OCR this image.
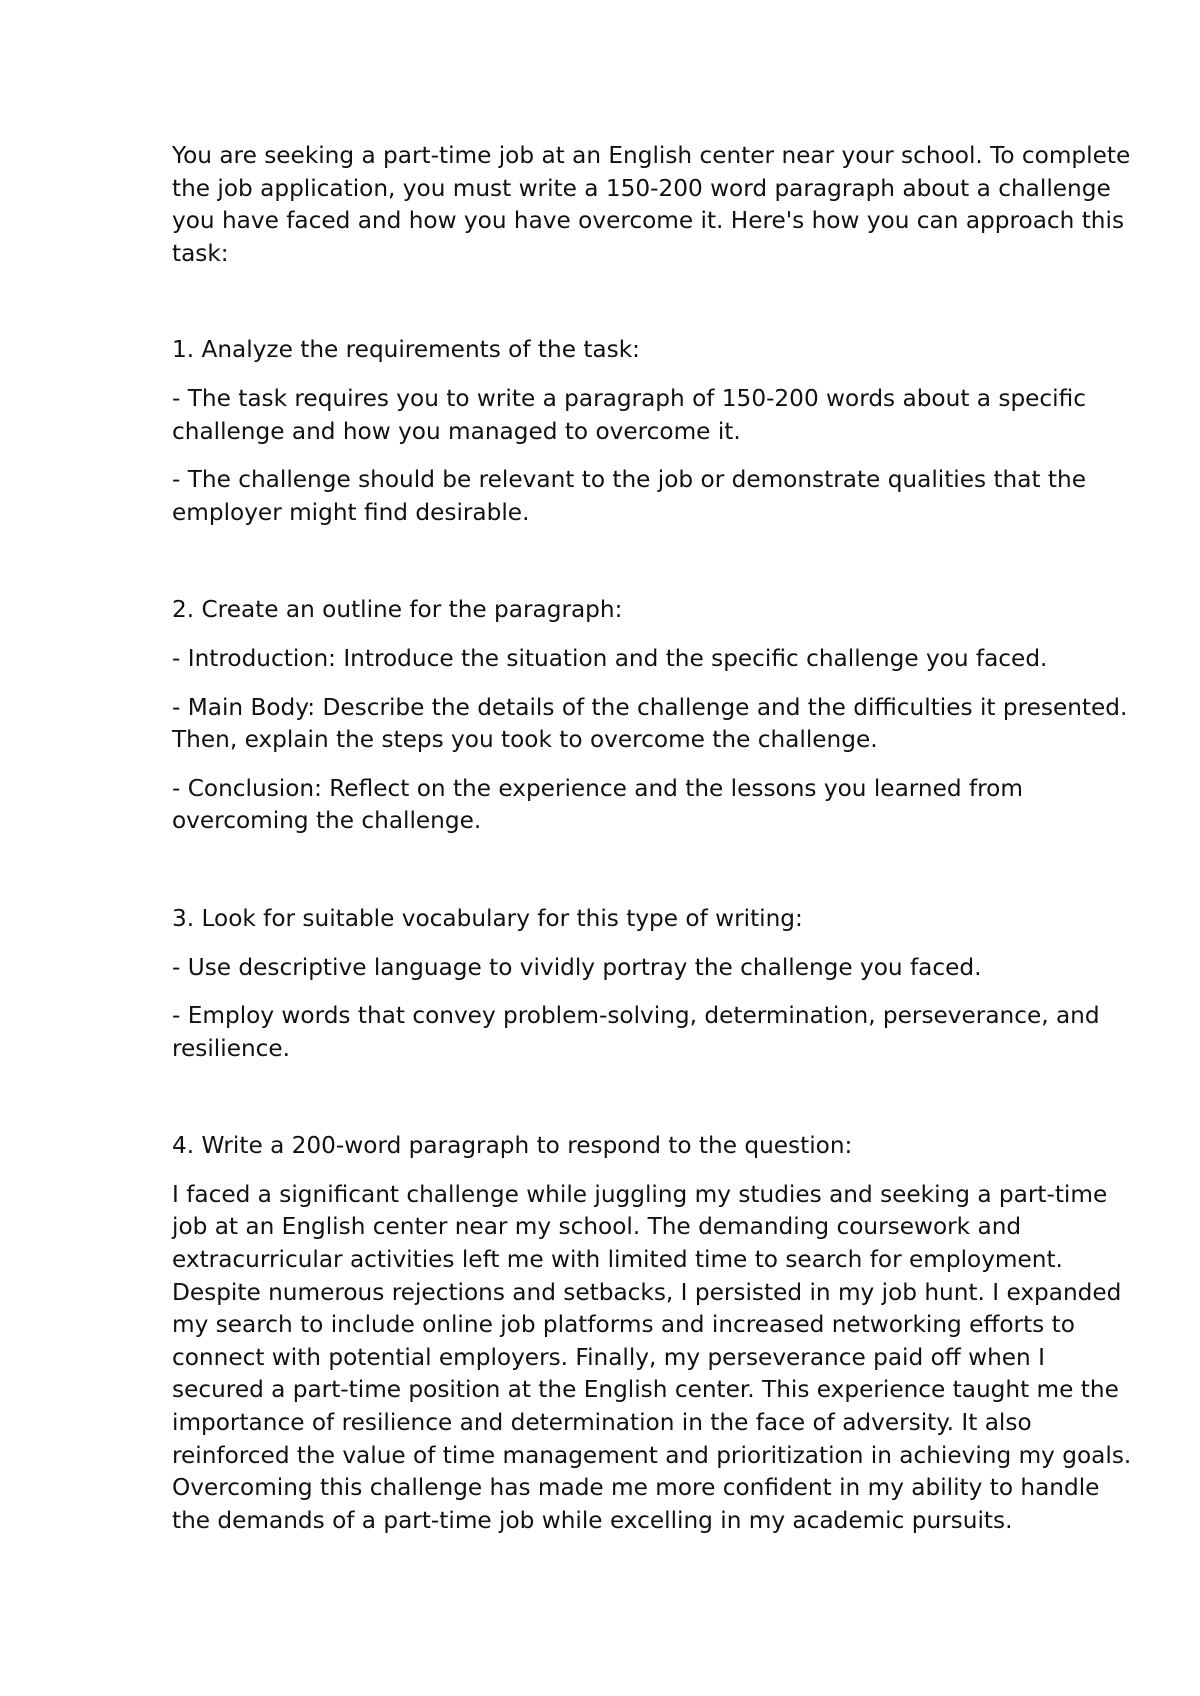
You are seeking a part-time job at an English center near your school. To complete the job application, you must write a 150-200 word paragraph about a challenge you have faced and how you have overcome it. Here's how you can approach this task:

1. Analyze the requirements of the task:

- The task requires you to write a paragraph of 150-200 words about a specific challenge and how you managed to overcome it.

- The challenge should be relevant to the job or demonstrate qualities that the employer might find desirable.

2. Create an outline for the paragraph:

- Introduction: Introduce the situation and the specific challenge you faced.

- Main Body: Describe the details of the challenge and the difficulties it presented. Then, explain the steps you took to overcome the challenge.

- Conclusion: Reflect on the experience and the lessons you learned from overcoming the challenge.

3. Look for suitable vocabulary for this type of writing:

- Use descriptive language to vividly portray the challenge you faced.

- Employ words that convey problem-solving, determination, perseverance, and resilience.

4. Write a 200-word paragraph to respond to the question:

I faced a significant challenge while juggling my studies and seeking a part-time job at an English center near my school. The demanding coursework and extracurricular activities left me with limited time to search for employment. Despite numerous rejections and setbacks, I persisted in my job hunt. I expanded my search to include online job platforms and increased networking efforts to connect with potential employers. Finally, my perseverance paid off when I secured a part-time position at the English center. This experience taught me the importance of resilience and determination in the face of adversity. It also reinforced the value of time management and prioritization in achieving my goals. Overcoming this challenge has made me more confident in my ability to handle the demands of a part-time job while excelling in my academic pursuits.
